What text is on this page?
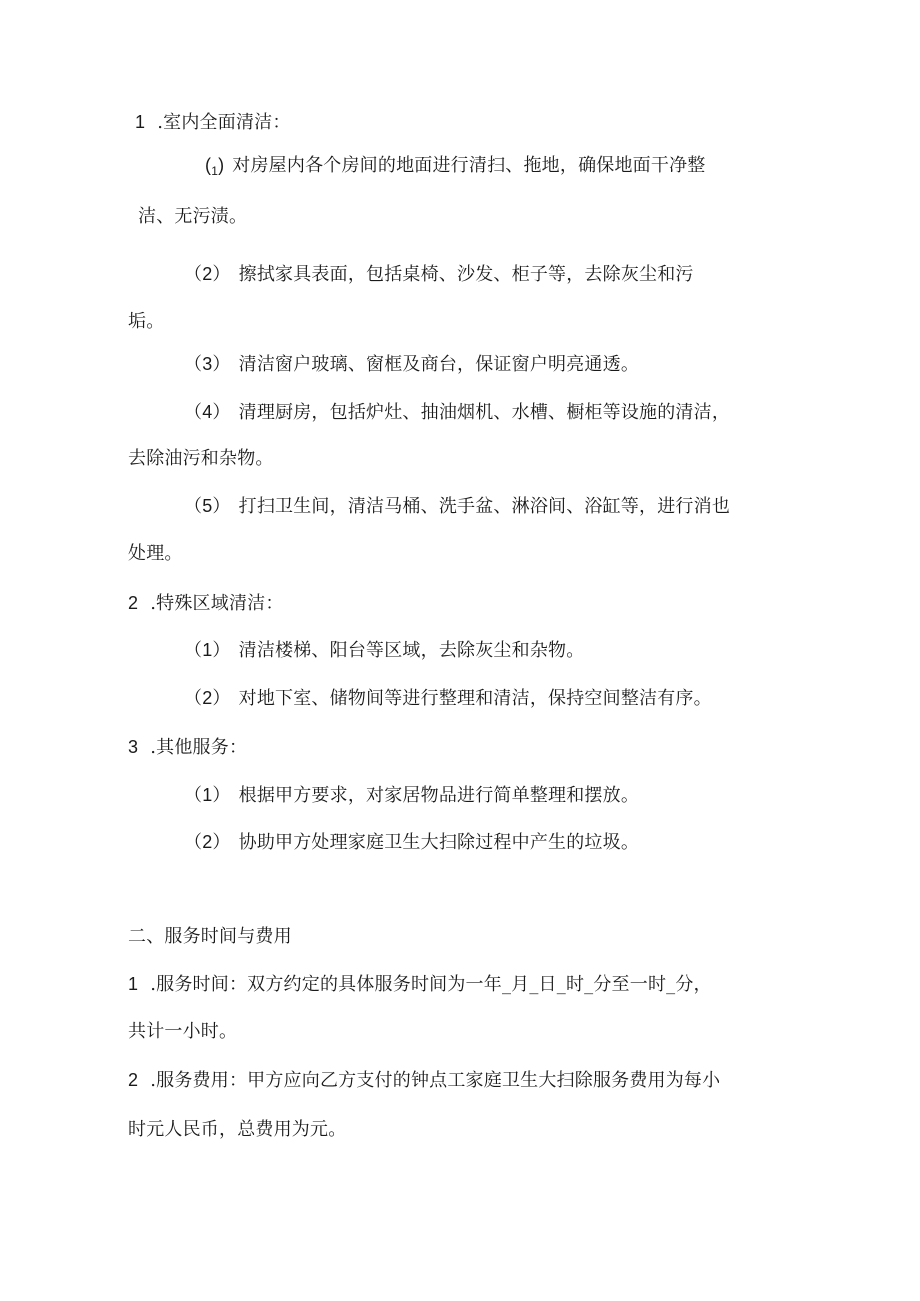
1 .室内全面清洁：
$(_1)$ 对房屋内各个房间的地面进行清扫、拖地，确保地面干净整
洁、无污渍。
（2） 擦拭家具表面，包括桌椅、沙发、柜子等，去除灰尘和污
垢。
（3） 清洁窗户玻璃、窗框及商台，保证窗户明亮通透。
（4） 清理厨房，包括炉灶、抽油烟机、水槽、橱柜等设施的清洁，
去除油污和杂物。
（5） 打扫卫生间，清洁马桶、洗手盆、淋浴间、浴缸等，进行消也
处理。
2 .特殊区域清洁：
（1） 清洁楼梯、阳台等区域，去除灰尘和杂物。
（2） 对地下室、储物间等进行整理和清洁，保持空间整洁有序。
3 .其他服务：
（1） 根据甲方要求，对家居物品进行简单整理和摆放。
（2） 协助甲方处理家庭卫生大扫除过程中产生的垃圾。
二、服务时间与费用
1 .服务时间：双方约定的具体服务时间为一年_月_日_时_分至一时_分，
共计一小时。
2 .服务费用：甲方应向乙方支付的钟点工家庭卫生大扫除服务费用为每小
时元人民币，总费用为元。
